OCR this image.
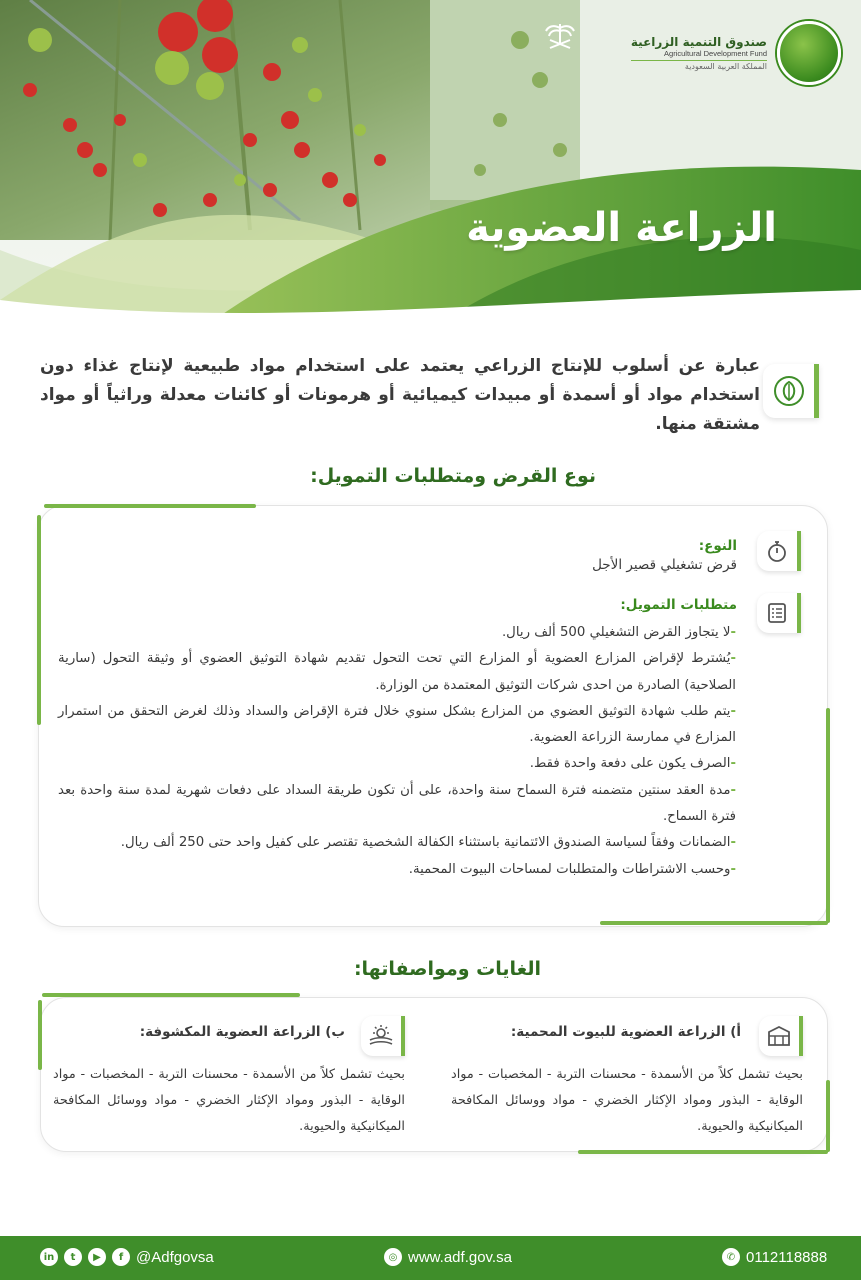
صندوق التنمية الزراعية
Agricultural Development Fund
المملكة العربية السعودية
الزراعة العضوية
عبارة عن أسلوب للإنتاج الزراعي يعتمد على استخدام مواد طبيعية لإنتاج غذاء دون استخدام مواد أو أسمدة أو مبيدات كيميائية أو هرمونات أو كائنات معدلة وراثياً أو مواد مشتقة منها.
نوع القرض ومتطلبات التمويل:
النوع:
قرض تشغيلي قصير الأجل
متطلبات التمويل:
-لا يتجاوز القرض التشغيلي 500 ألف ريال.
-يُشترط لإقراض المزارع العضوية أو المزارع التي تحت التحول تقديم شهادة التوثيق العضوي أو وثيقة التحول (سارية الصلاحية) الصادرة من احدى شركات التوثيق المعتمدة من الوزارة.
-يتم طلب شهادة التوثيق العضوي من المزارع بشكل سنوي خلال فترة الإقراض والسداد وذلك لغرض التحقق من استمرار المزارع في ممارسة الزراعة العضوية.
-الصرف يكون على دفعة واحدة فقط.
-مدة العقد سنتين متضمنه فترة السماح سنة واحدة، على أن تكون طريقة السداد على دفعات شهرية لمدة سنة واحدة بعد فترة السماح.
-الضمانات وفقاً لسياسة الصندوق الائتمانية باستثناء الكفالة الشخصية تقتصر على كفيل واحد حتى 250 ألف ريال.
-وحسب الاشتراطات والمتطلبات لمساحات البيوت المحمية.
الغايات ومواصفاتها:
أ) الزراعة العضوية للبيوت المحمية:
بحيث تشمل كلاً من الأسمدة - محسنات التربة - المخصبات - مواد الوقاية - البذور ومواد الإكثار الخضري - مواد ووسائل المكافحة الميكانيكية والحيوية.
ب) الزراعة العضوية المكشوفة:
بحيث تشمل كلاً من الأسمدة - محسنات التربة - المخصبات - مواد الوقاية - البذور ومواد الإكثار الخضري - مواد ووسائل المكافحة الميكانيكية والحيوية.
in	t	▶	f @Adfgovsa	◎ www.adf.gov.sa	✆ 0112118888
